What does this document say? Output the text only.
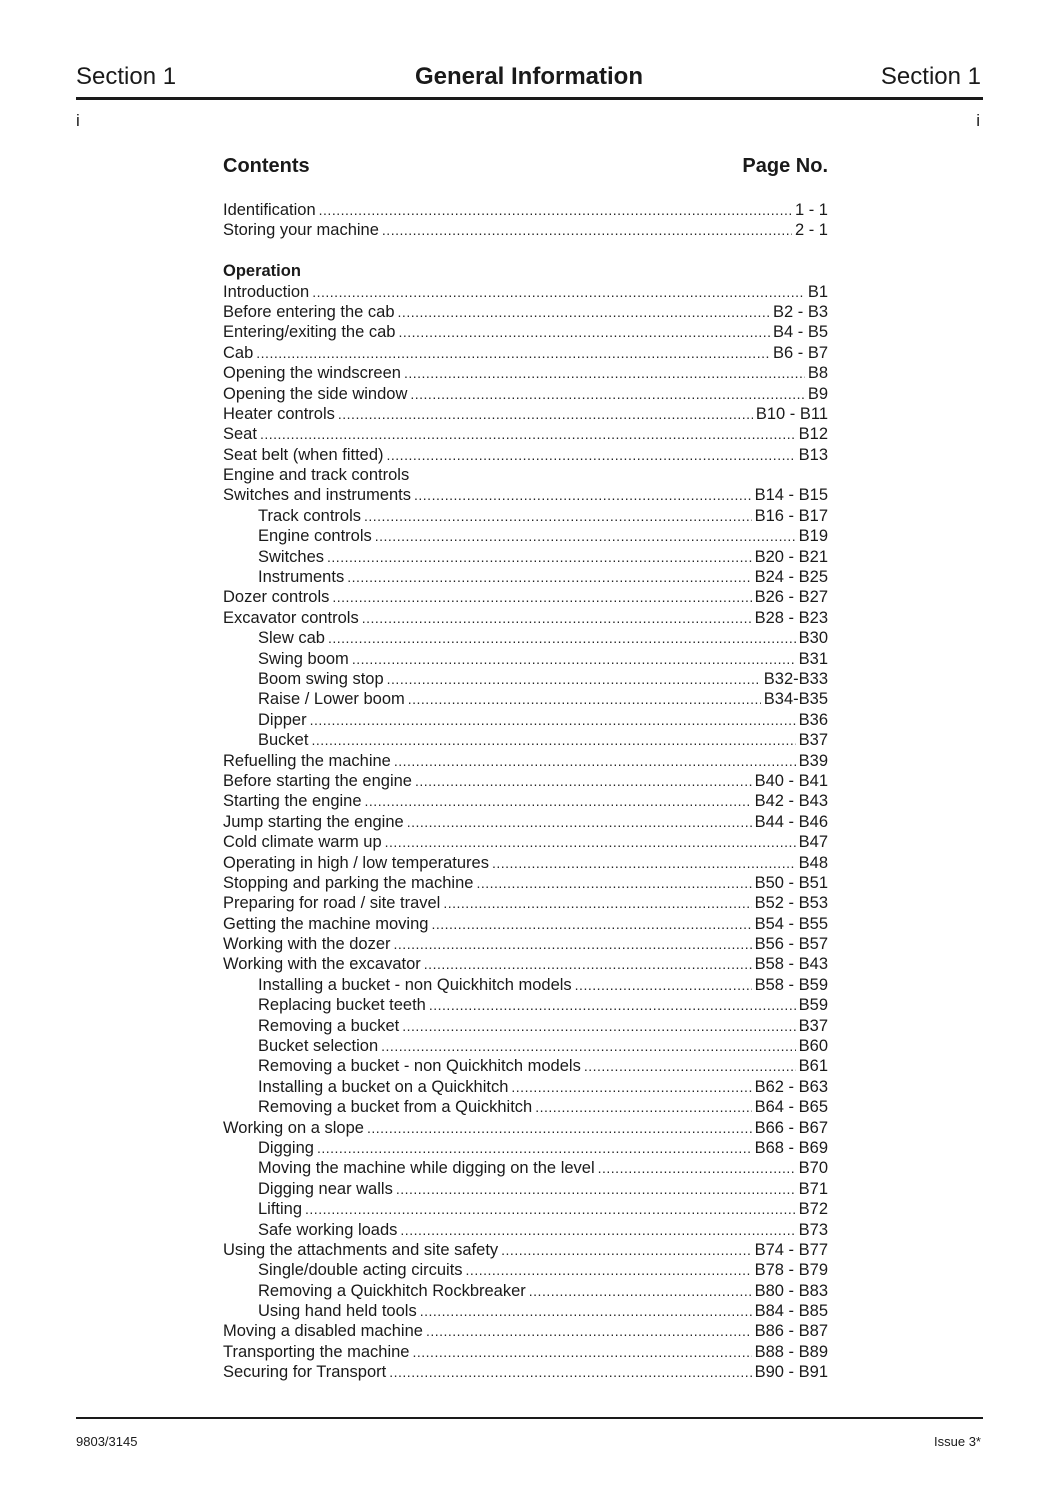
Section 1	General Information	Section 1
i	i
Contents	Page No.
Identification .....	1 - 1
Storing your machine .....	2 - 1
Operation
Introduction .....	B1
Before entering the cab .....	B2 - B3
Entering/exiting the cab .....	B4 - B5
Cab .....	B6 - B7
Opening the windscreen .....	B8
Opening the side window .....	B9
Heater controls .....	B10 - B11
Seat .....	B12
Seat belt (when fitted) .....	B13
Engine and track controls
Switches and instruments .....	B14 - B15
Track controls .....	B16 - B17
Engine controls .....	B19
Switches .....	B20 - B21
Instruments .....	B24 - B25
Dozer controls .....	B26 - B27
Excavator controls .....	B28 - B23
Slew cab .....	B30
Swing boom .....	B31
Boom swing stop .....	B32-B33
Raise / Lower boom .....	B34-B35
Dipper .....	B36
Bucket .....	B37
Refuelling the machine .....	B39
Before starting the engine .....	B40 - B41
Starting the engine .....	B42 - B43
Jump starting the engine .....	B44 - B46
Cold climate warm up .....	B47
Operating in high / low temperatures .....	B48
Stopping and parking the machine .....	B50 - B51
Preparing for road / site travel .....	B52 - B53
Getting the machine moving .....	B54 - B55
Working with the dozer .....	B56 - B57
Working with the excavator .....	B58 - B43
Installing a bucket - non Quickhitch models .....	B58 - B59
Replacing bucket teeth .....	B59
Removing a bucket .....	B37
Bucket selection .....	B60
Removing a bucket - non Quickhitch models .....	B61
Installing a bucket on a Quickhitch .....	B62 - B63
Removing a bucket from a Quickhitch .....	B64 - B65
Working on a slope .....	B66 - B67
Digging .....	B68 - B69
Moving the machine while digging on the level .....	B70
Digging near walls .....	B71
Lifting .....	B72
Safe working loads .....	B73
Using the attachments and site safety .....	B74 - B77
Single/double acting circuits .....	B78 - B79
Removing a Quickhitch Rockbreaker .....	B80 - B83
Using hand held tools .....	B84 - B85
Moving a disabled machine .....	B86 - B87
Transporting the machine .....	B88 - B89
Securing for Transport .....	B90 - B91
9803/3145	Issue 3*
